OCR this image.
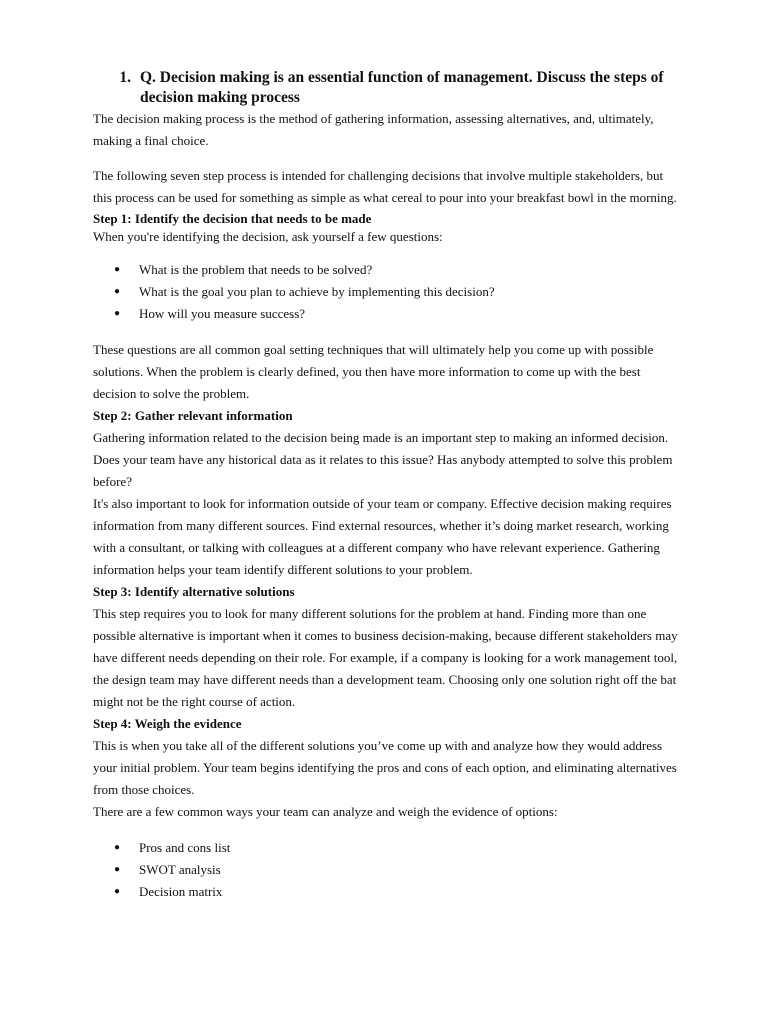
1. Q. Decision making is an essential function of management. Discuss the steps of decision making process

The decision making process is the method of gathering information, assessing alternatives, and, ultimately, making a final choice.

The following seven step process is intended for challenging decisions that involve multiple stakeholders, but this process can be used for something as simple as what cereal to pour into your breakfast bowl in the morning.

Step 1: Identify the decision that needs to be made

When you're identifying the decision, ask yourself a few questions:

●	What is the problem that needs to be solved?
●	What is the goal you plan to achieve by implementing this decision?
●	How will you measure success?

These questions are all common goal setting techniques that will ultimately help you come up with possible solutions. When the problem is clearly defined, you then have more information to come up with the best decision to solve the problem.

Step 2: Gather relevant information

Gathering information related to the decision being made is an important step to making an informed decision. Does your team have any historical data as it relates to this issue? Has anybody attempted to solve this problem before?

It's also important to look for information outside of your team or company. Effective decision making requires information from many different sources. Find external resources, whether it’s doing market research, working with a consultant, or talking with colleagues at a different company who have relevant experience. Gathering information helps your team identify different solutions to your problem.

Step 3: Identify alternative solutions

This step requires you to look for many different solutions for the problem at hand. Finding more than one possible alternative is important when it comes to business decision-making, because different stakeholders may have different needs depending on their role. For example, if a company is looking for a work management tool, the design team may have different needs than a development team. Choosing only one solution right off the bat might not be the right course of action.

Step 4: Weigh the evidence

This is when you take all of the different solutions you’ve come up with and analyze how they would address your initial problem. Your team begins identifying the pros and cons of each option, and eliminating alternatives from those choices.

There are a few common ways your team can analyze and weigh the evidence of options:

●	Pros and cons list
●	SWOT analysis
●	Decision matrix
